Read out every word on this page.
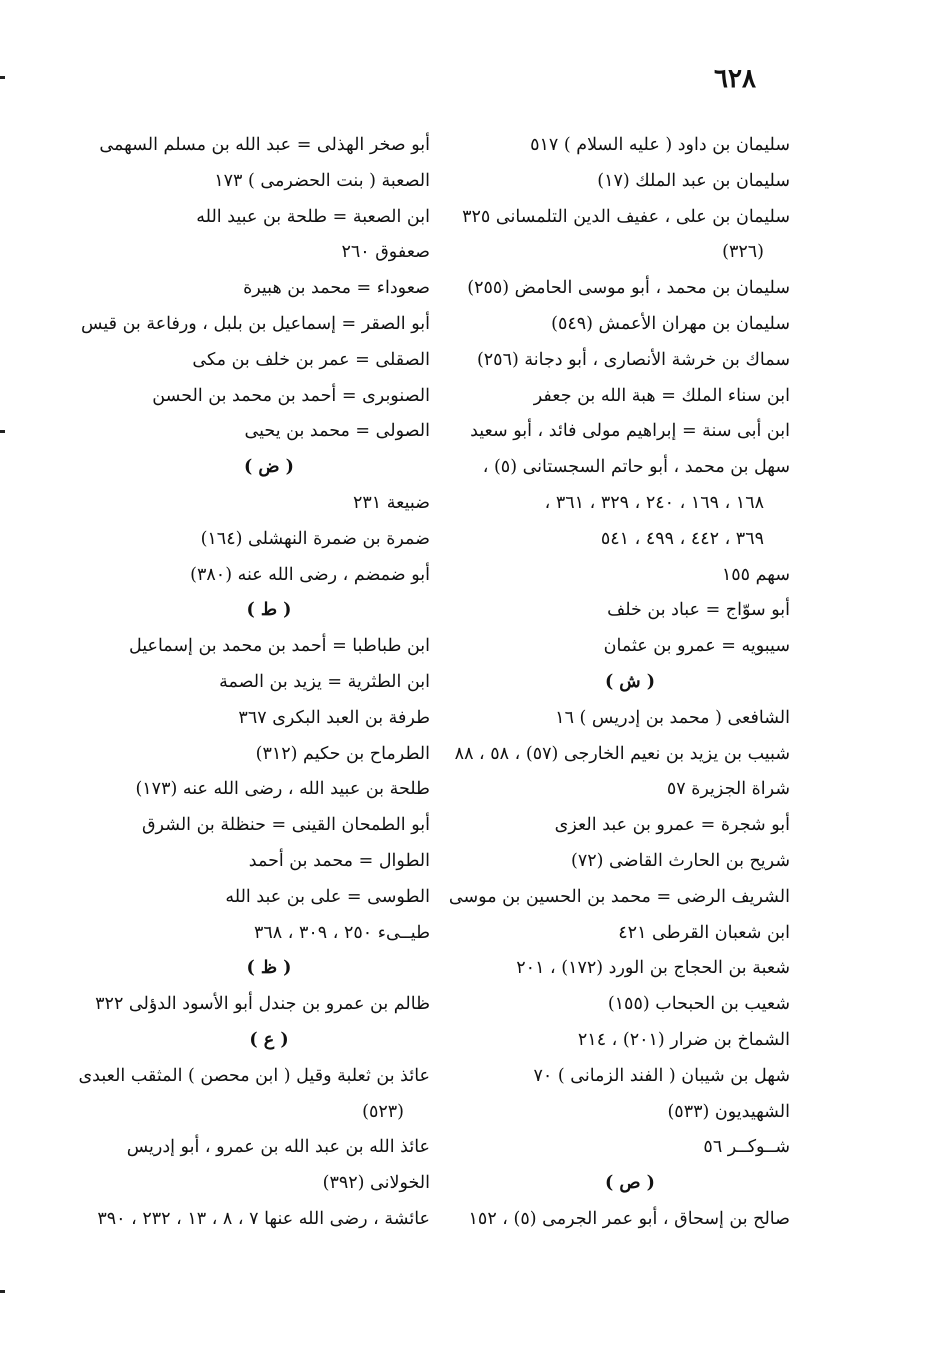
٦٢٨
سليمان بن داود ( عليه السلام ) ٥١٧
سليمان بن عبد الملك (١٧)
سليمان بن على ، عفيف الدين التلمسانى ٣٢٥
(٣٢٦)
سليمان بن محمد ، أبو موسى الحامض (٢٥٥)
سليمان بن مهران الأعمش (٥٤٩)
سماك بن خرشة الأنصارى ، أبو دجانة (٢٥٦)
ابن سناء الملك = هبة الله بن جعفر
ابن أبى سنة = إبراهيم مولى فائد ، أبو سعيد
سهل بن محمد ، أبو حاتم السجستانى (٥) ،
١٦٨ ، ١٦٩ ، ٢٤٠ ، ٣٢٩ ، ٣٦١ ،
٣٦٩ ، ٤٤٢ ، ٤٩٩ ، ٥٤١
سهم ١٥٥
أبو سوّاج = عباد بن خلف
سيبويه = عمرو بن عثمان
( ش )
الشافعى ( محمد بن إدريس ) ١٦
شبيب بن يزيد بن نعيم الخارجى (٥٧) ، ٥٨ ، ٨٨
شراة الجزيرة ٥٧
أبو شجرة = عمرو بن عبد العزى
شريح بن الحارث القاضى (٧٢)
الشريف الرضى = محمد بن الحسين بن موسى
ابن شعبان القرطى ٤٢١
شعبة بن الحجاج بن الورد (١٧٢) ، ٢٠١
شعيب بن الحبحاب (١٥٥)
الشماخ بن ضرار (٢٠١) ، ٢١٤
شهل بن شيبان ( الفند الزمانى ) ٧٠
الشهيديون (٥٣٣)
شــوكــر ٥٦
( ص )
صالح بن إسحاق ، أبو عمر الجرمى (٥) ، ١٥٢
أبو صخر الهذلى = عبد الله بن مسلم السهمى
الصعبة ( بنت الحضرمى ) ١٧٣
ابن الصعبة = طلحة بن عبيد الله
صعفوق ٢٦٠
صعوداء = محمد بن هبيرة
أبو الصقر = إسماعيل بن بلبل ، ورفاعة بن قيس
الصقلى = عمر بن خلف بن مكى
الصنوبرى = أحمد بن محمد بن الحسن
الصولى = محمد بن يحيى
( ض )
ضبيعة ٢٣١
ضمرة بن ضمرة النهشلى (١٦٤)
أبو ضمضم ، رضى الله عنه (٣٨٠)
( ط )
ابن طباطبا = أحمد بن محمد بن إسماعيل
ابن الطثرية = يزيد بن الصمة
طرفة بن العبد البكرى ٣٦٧
الطرماح بن حكيم (٣١٢)
طلحة بن عبيد الله ، رضى الله عنه (١٧٣)
أبو الطمحان القينى = حنظلة بن الشرق
الطوال = محمد بن أحمد
الطوسى = على بن عبد الله
طيــىء ٢٥٠ ، ٣٠٩ ، ٣٦٨
( ظ )
ظالم بن عمرو بن جندل أبو الأسود الدؤلى ٣٢٢
( ع )
عائذ بن ثعلبة وقيل ( ابن محصن ) المثقب العبدى
(٥٢٣)
عائذ الله بن عبد الله بن عمرو ، أبو إدريس
الخولانى (٣٩٢)
عائشة ، رضى الله عنها ٧ ، ٨ ، ١٣ ، ٢٣٢ ، ٣٩٠
